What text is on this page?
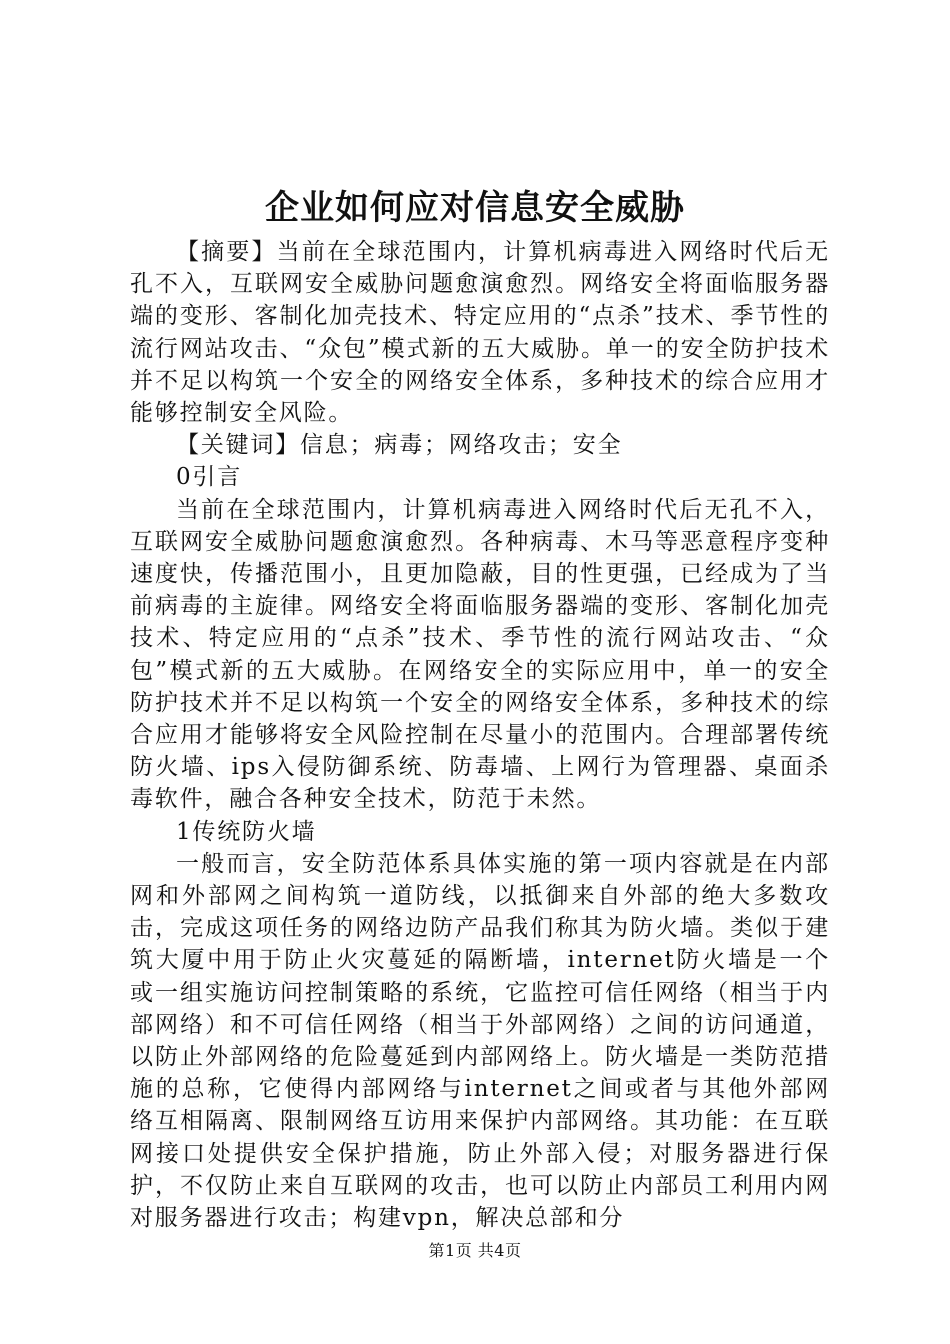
企业如何应对信息安全威胁

【摘要】当前在全球范围内，计算机病毒进入网络时代后无孔不入，互联网安全威胁问题愈演愈烈。网络安全将面临服务器端的变形、客制化加壳技术、特定应用的“点杀”技术、季节性的流行网站攻击、“众包”模式新的五大威胁。单一的安全防护技术并不足以构筑一个安全的网络安全体系，多种技术的综合应用才能够控制安全风险。

【关键词】信息；病毒；网络攻击；安全

0引言

当前在全球范围内，计算机病毒进入网络时代后无孔不入，互联网安全威胁问题愈演愈烈。各种病毒、木马等恶意程序变种速度快，传播范围小，且更加隐蔽，目的性更强，已经成为了当前病毒的主旋律。网络安全将面临服务器端的变形、客制化加壳技术、特定应用的“点杀”技术、季节性的流行网站攻击、“众包”模式新的五大威胁。在网络安全的实际应用中，单一的安全防护技术并不足以构筑一个安全的网络安全体系，多种技术的综合应用才能够将安全风险控制在尽量小的范围内。合理部署传统防火墙、ips入侵防御系统、防毒墙、上网行为管理器、桌面杀毒软件，融合各种安全技术，防范于未然。

1传统防火墙

一般而言，安全防范体系具体实施的第一项内容就是在内部网和外部网之间构筑一道防线，以抵御来自外部的绝大多数攻击，完成这项任务的网络边防产品我们称其为防火墙。类似于建筑大厦中用于防止火灾蔓延的隔断墙，internet防火墙是一个或一组实施访问控制策略的系统，它监控可信任网络（相当于内部网络）和不可信任网络（相当于外部网络）之间的访问通道，以防止外部网络的危险蔓延到内部网络上。防火墙是一类防范措施的总称，它使得内部网络与internet之间或者与其他外部网络互相隔离、限制网络互访用来保护内部网络。其功能：在互联网接口处提供安全保护措施，防止外部入侵；对服务器进行保护，不仅防止来自互联网的攻击，也可以防止内部员工利用内网对服务器进行攻击；构建vpn，解决总部和分

第1页 共4页
